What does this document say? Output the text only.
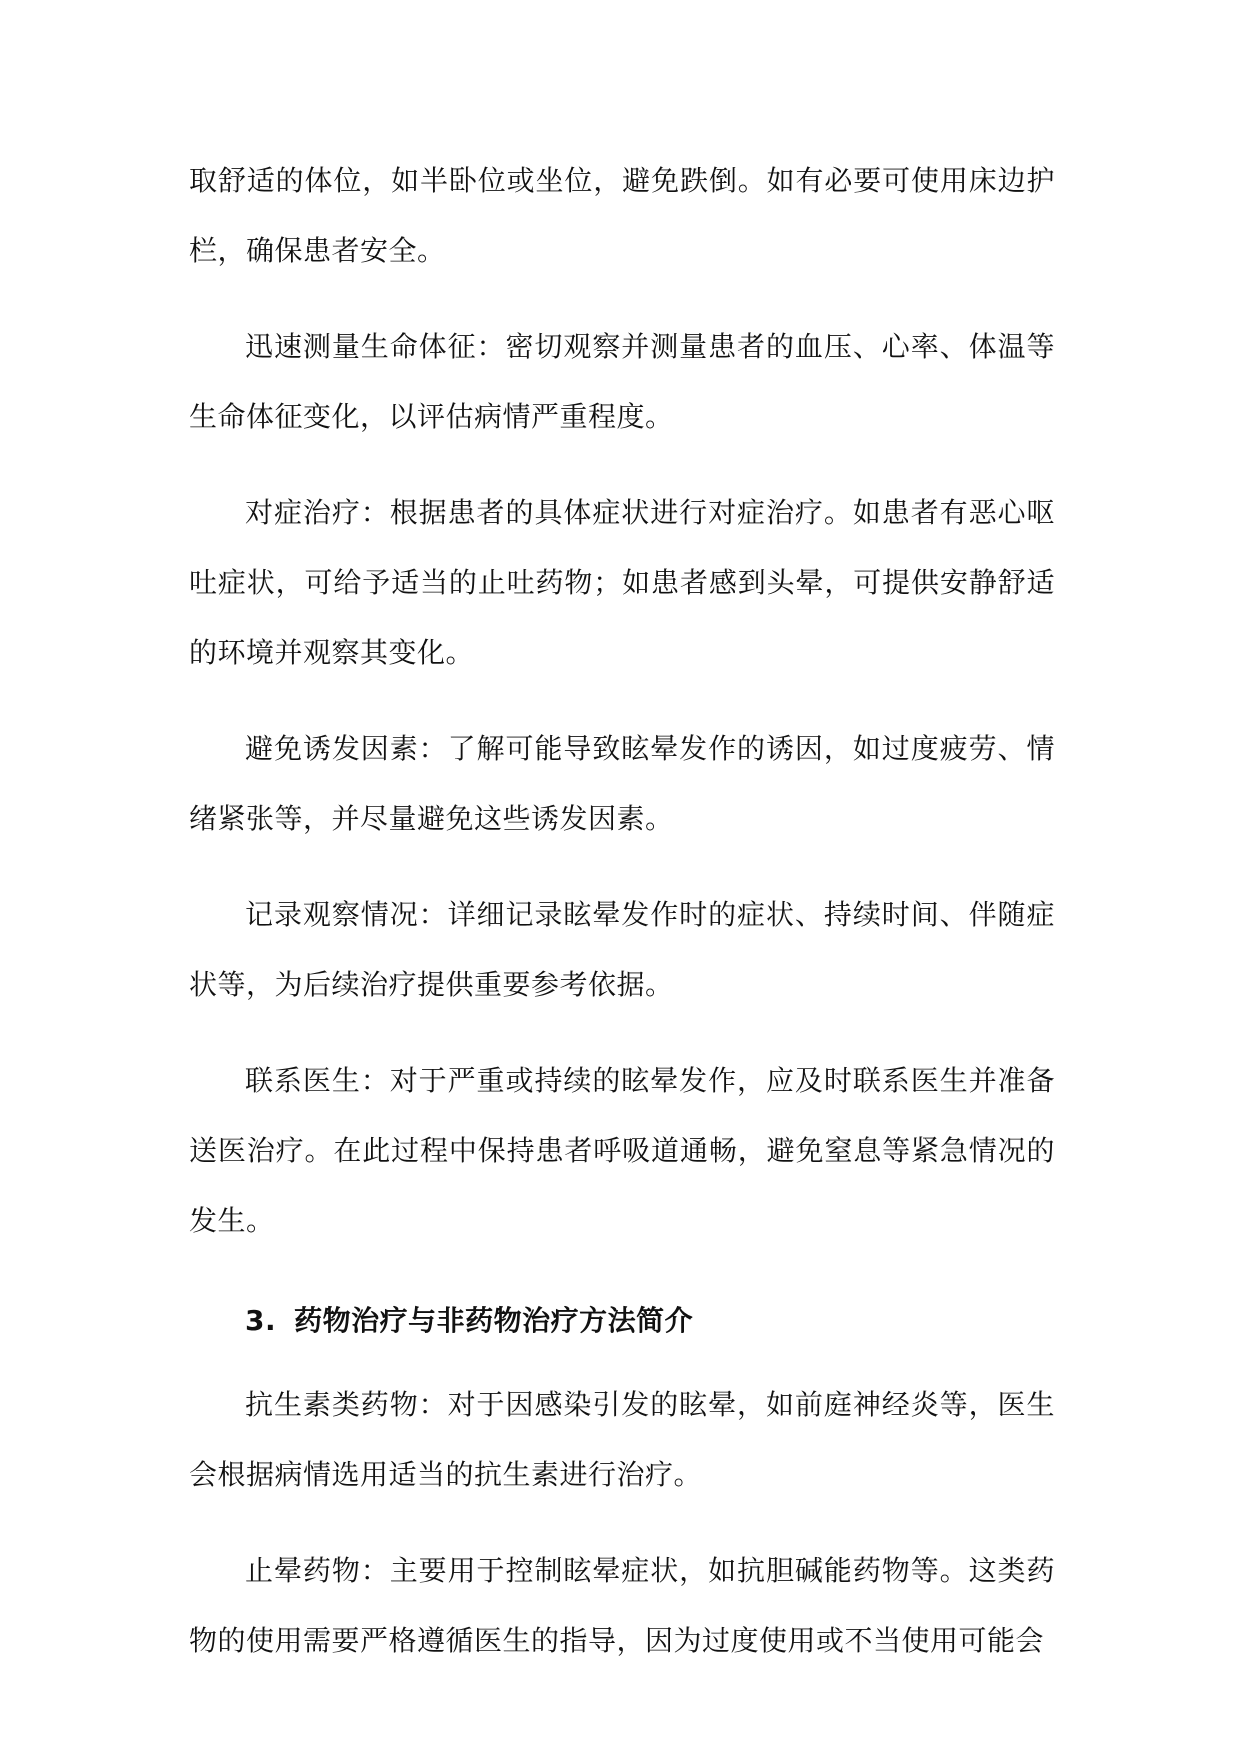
取舒适的体位，如半卧位或坐位，避免跌倒。如有必要可使用床边护栏，确保患者安全。

迅速测量生命体征：密切观察并测量患者的血压、心率、体温等生命体征变化，以评估病情严重程度。

对症治疗：根据患者的具体症状进行对症治疗。如患者有恶心呕吐症状，可给予适当的止吐药物；如患者感到头晕，可提供安静舒适的环境并观察其变化。

避免诱发因素：了解可能导致眩晕发作的诱因，如过度疲劳、情绪紧张等，并尽量避免这些诱发因素。

记录观察情况：详细记录眩晕发作时的症状、持续时间、伴随症状等，为后续治疗提供重要参考依据。

联系医生：对于严重或持续的眩晕发作，应及时联系医生并准备送医治疗。在此过程中保持患者呼吸道通畅，避免窒息等紧急情况的发生。

3. 药物治疗与非药物治疗方法简介

抗生素类药物：对于因感染引发的眩晕，如前庭神经炎等，医生会根据病情选用适当的抗生素进行治疗。

止晕药物：主要用于控制眩晕症状，如抗胆碱能药物等。这类药物的使用需要严格遵循医生的指导，因为过度使用或不当使用可能会
